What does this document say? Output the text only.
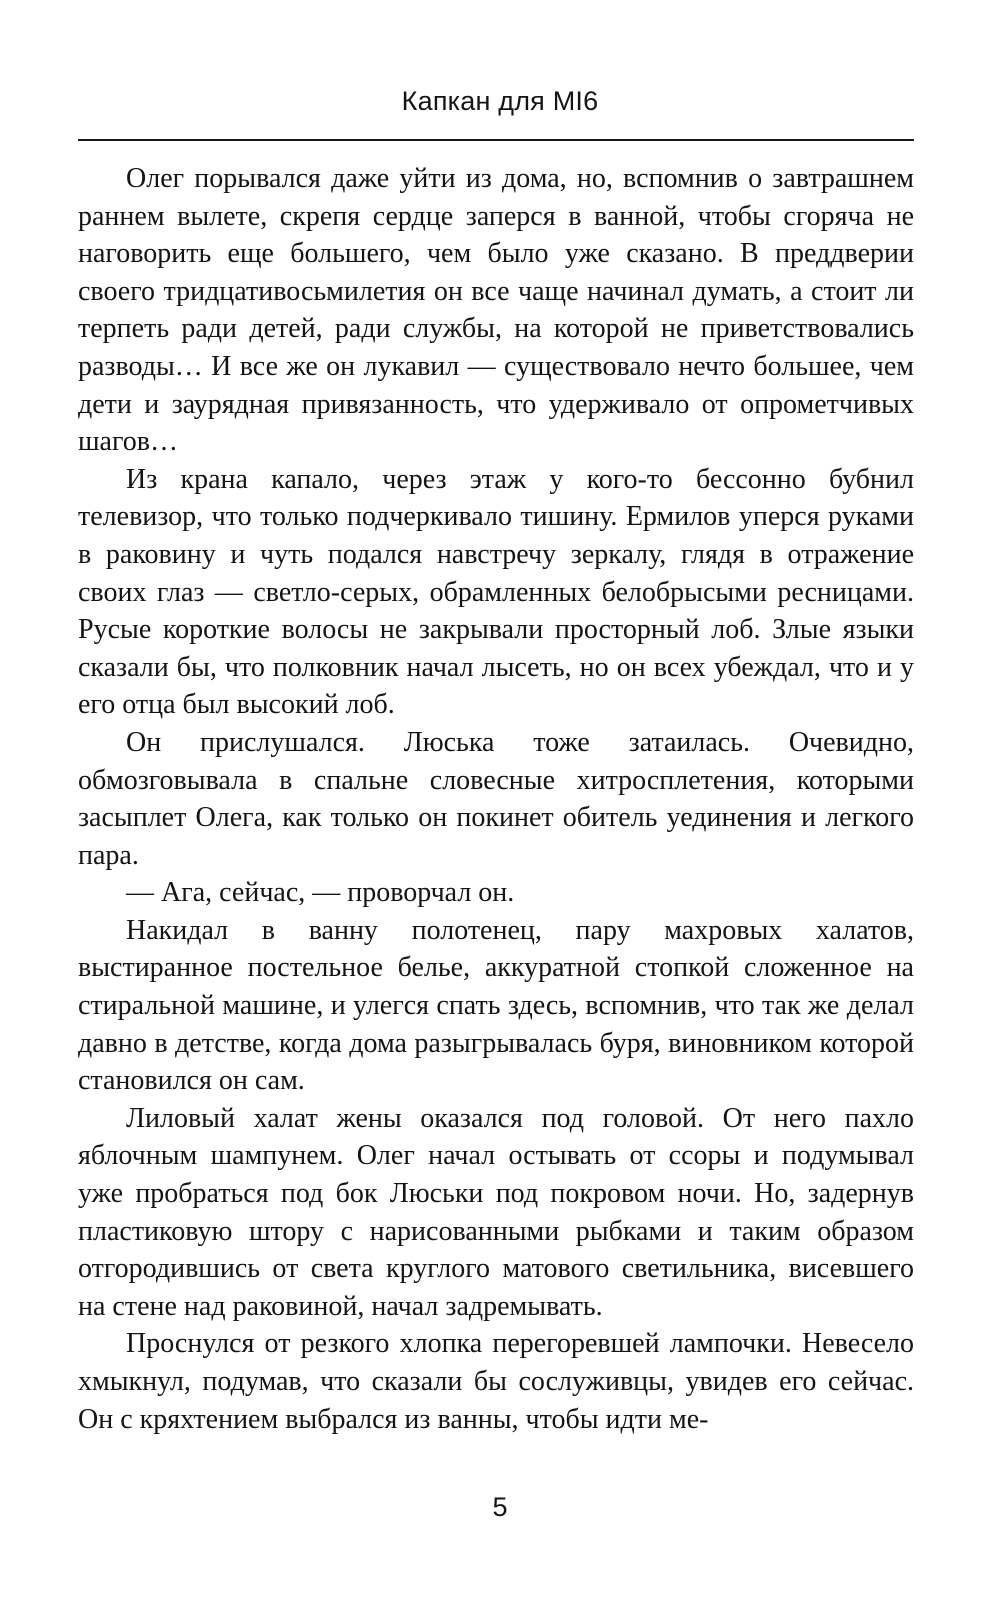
Капкан для MI6

Олег порывался даже уйти из дома, но, вспомнив о завтрашнем раннем вылете, скрепя сердце заперся в ванной, чтобы сгоряча не наговорить еще большего, чем было уже сказано. В преддверии своего тридцативосьмилетия он все чаще начинал думать, а стоит ли терпеть ради детей, ради службы, на которой не приветствовались разводы… И все же он лукавил — существовало нечто большее, чем дети и заурядная привязанность, что удерживало от опрометчивых шагов…

Из крана капало, через этаж у кого-то бессонно бубнил телевизор, что только подчеркивало тишину. Ермилов уперся руками в раковину и чуть подался навстречу зеркалу, глядя в отражение своих глаз — светло-серых, обрамленных белобрысыми ресницами. Русые короткие волосы не закрывали просторный лоб. Злые языки сказали бы, что полковник начал лысеть, но он всех убеждал, что и у его отца был высокий лоб.

Он прислушался. Люська тоже затаилась. Очевидно, обмозговывала в спальне словесные хитросплетения, которыми засыплет Олега, как только он покинет обитель уединения и легкого пара.

— Ага, сейчас, — проворчал он.

Накидал в ванну полотенец, пару махровых халатов, выстиранное постельное белье, аккуратной стопкой сложенное на стиральной машине, и улегся спать здесь, вспомнив, что так же делал давно в детстве, когда дома разыгрывалась буря, виновником которой становился он сам.

Лиловый халат жены оказался под головой. От него пахло яблочным шампунем. Олег начал остывать от ссоры и подумывал уже пробраться под бок Люськи под покровом ночи. Но, задернув пластиковую штору с нарисованными рыбками и таким образом отгородившись от света круглого матового светильника, висевшего на стене над раковиной, начал задремывать.

Проснулся от резкого хлопка перегоревшей лампочки. Невесело хмыкнул, подумав, что сказали бы сослуживцы, увидев его сейчас. Он с кряхтением выбрался из ванны, чтобы идти ме-

5
